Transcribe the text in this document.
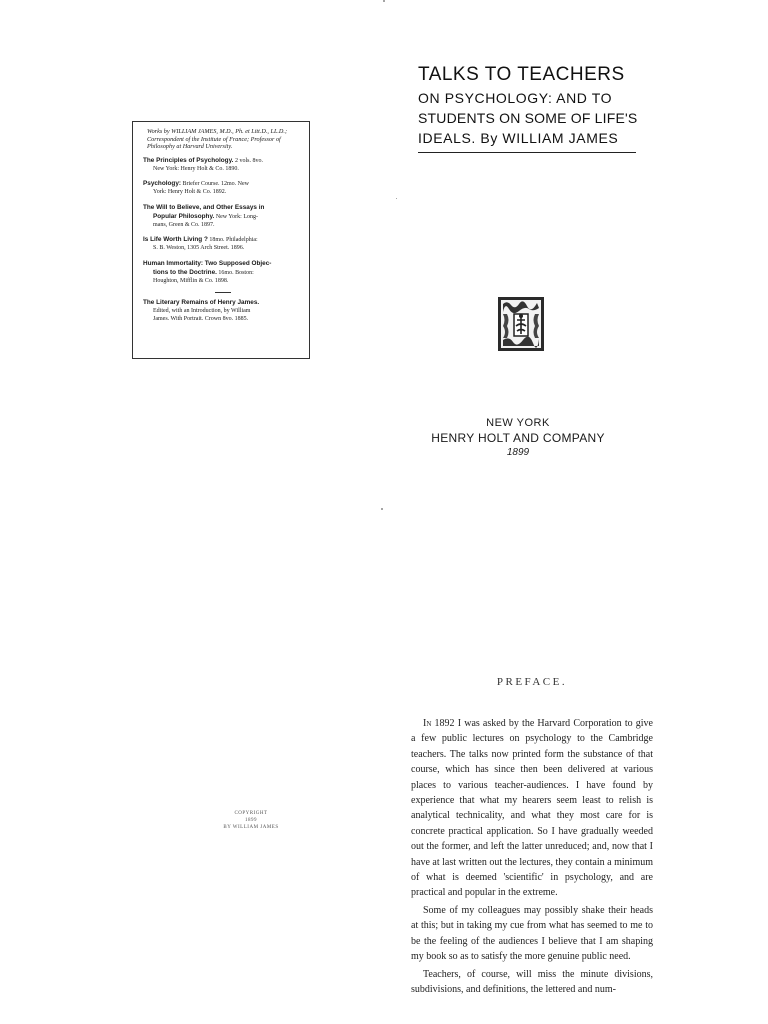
Works by WILLIAM JAMES, M.D., Ph. et Litt.D., LL.D.; Correspondent of the Institute of France; Professor of Philosophy at Harvard University.
The Principles of Psychology. 2 vols. 8vo.
New York: Henry Holt & Co. 1890.
Psychology: Briefer Course. 12mo. New
York: Henry Holt & Co. 1892.
The Will to Believe, and Other Essays in
Popular Philosophy. New York: Long-
mans, Green & Co. 1897.
Is Life Worth Living ? 18mo. Philadelphia:
S. B. Weston, 1305 Arch Street. 1896.
Human Immortality: Two Supposed Objec-
tions to the Doctrine. 16mo. Boston:
Houghton, Mifflin & Co. 1898.
The Literary Remains of Henry James.
Edited, with an Introduction, by William
James. With Portrait. Crown 8vo. 1885.
TALKS TO TEACHERS
ON PSYCHOLOGY: AND TO
STUDENTS ON SOME OF LIFE'S
IDEALS. By WILLIAM JAMES
NEW YORK
HENRY HOLT AND COMPANY
1899
COPYRIGHT
1899
BY WILLIAM JAMES
PREFACE.

In 1892 I was asked by the Harvard Corporation to give a few public lectures on psychology to the Cambridge teachers. The talks now printed form the substance of that course, which has since then been delivered at various places to various teacher-audiences. I have found by experience that what my hearers seem least to relish is analytical technicality, and what they most care for is concrete practical application. So I have gradually weeded out the former, and left the latter unreduced; and, now that I have at last written out the lectures, they contain a minimum of what is deemed 'scientific' in psychology, and are practical and popular in the extreme.

Some of my colleagues may possibly shake their heads at this; but in taking my cue from what has seemed to me to be the feeling of the audiences I believe that I am shaping my book so as to satisfy the more genuine public need.

Teachers, of course, will miss the minute divisions, subdivisions, and definitions, the lettered and num-
